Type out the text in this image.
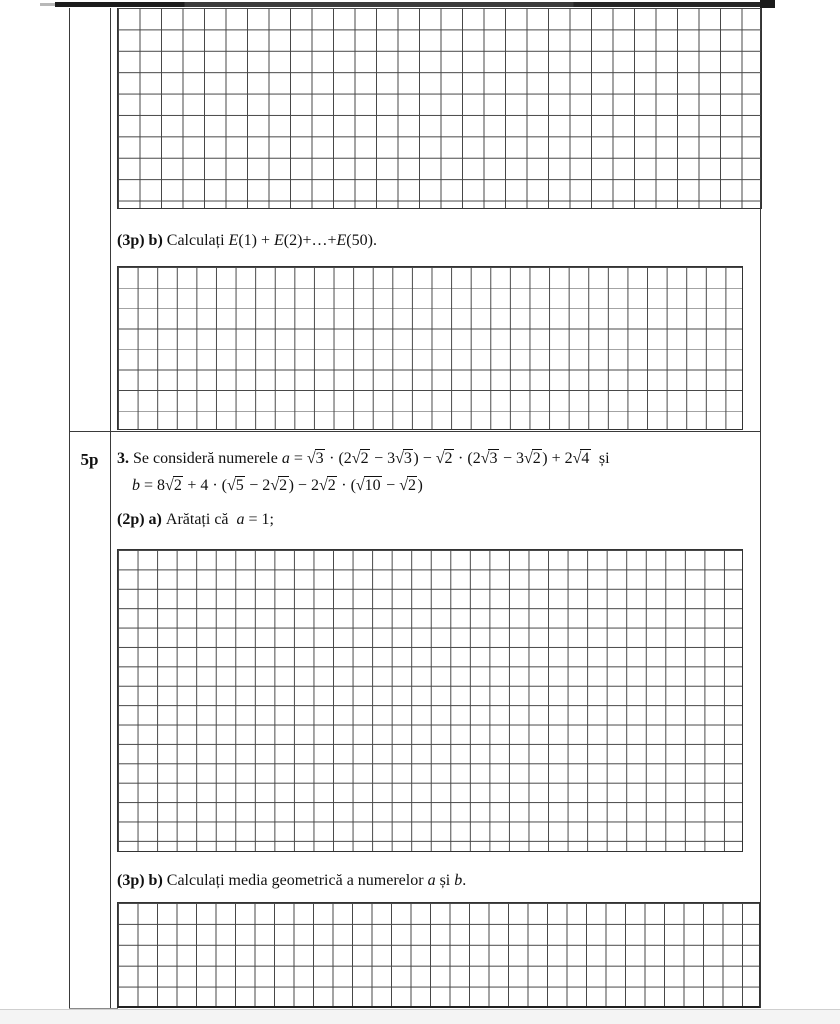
(3p) b) Calculați E(1) + E(2)+…+E(50).
5p	3. Se consideră numerele a = √3 · (2√2 − 3√3) − √2 · (2√3 − 3√2) + 2√4  și
b = 8√2 + 4 · (√5 − 2√2) − 2√2 · (√10 − √2)
(2p) a) Arătați că  a = 1;
(3p) b) Calculați media geometrică a numerelor a și b.
